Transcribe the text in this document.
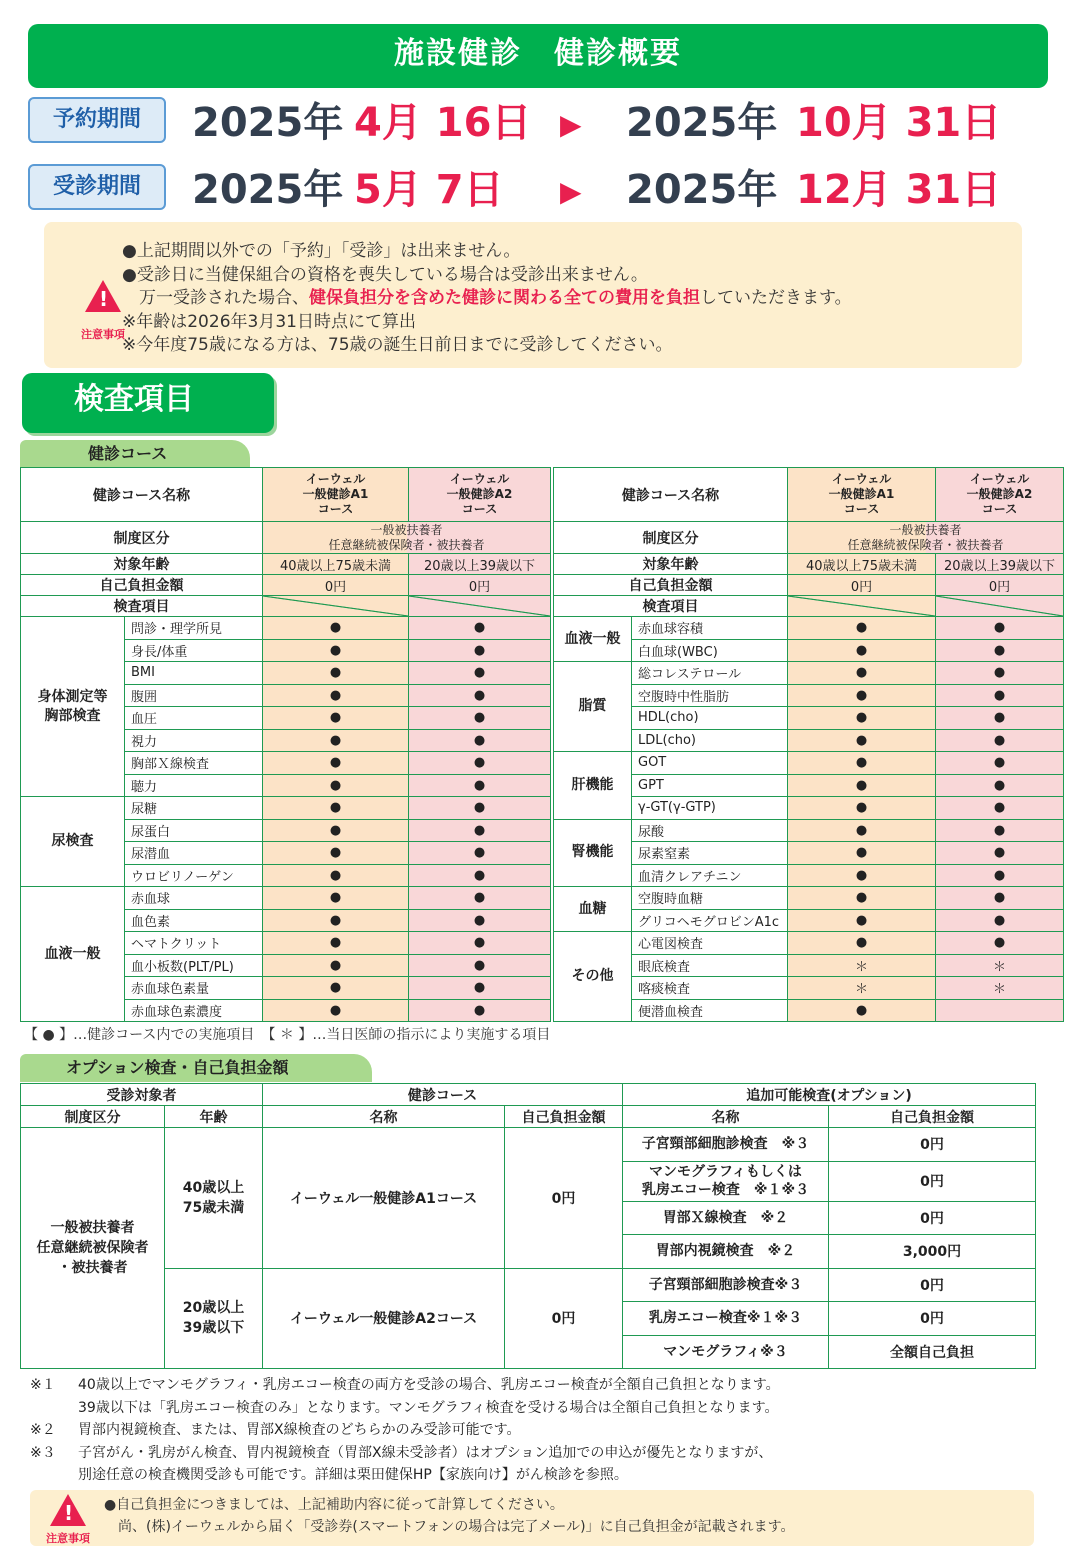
施設健診　健診概要
予約期間	2025年 4月 16日 ▶ 2025年 10月 31日
受診期間	2025年 5月 7日 ▶ 2025年 12月 31日
!
注意事項
●上記期間以外での「予約」「受診」は出来ません。
●受診日に当健保組合の資格を喪失している場合は受診出来ません。
　万一受診された場合、健保負担分を含めた健診に関わる全ての費用を負担していただきます。
※年齢は2026年3月31日時点にて算出
※今年度75歳になる方は、75歳の誕生日前日までに受診してください。
検査項目
健診コース
健診コース名称		イーウェル
一般健診A1
コース	イーウェル
一般健診A2
コース
制度区分		一般被扶養者
任意継続被保険者・被扶養者	
対象年齢		40歳以上75歳未満	20歳以上39歳以下
自己負担金額		0円	0円
検査項目			
身体測定等
胸部検査	問診・理学所見	●	●
	身長/体重	●	●
	BMI	●	●
	腹囲	●	●
	血圧	●	●
	視力	●	●
	胸部Ｘ線検査	●	●
	聴力	●	●
尿検査	尿糖	●	●
	尿蛋白	●	●
	尿潜血	●	●
	ウロビリノーゲン	●	●
血液一般	赤血球	●	●
	血色素	●	●
	ヘマトクリット	●	●
	血小板数(PLT/PL)	●	●
	赤血球色素量	●	●
	赤血球色素濃度	●	●
健診コース名称		イーウェル
一般健診A1
コース	イーウェル
一般健診A2
コース
制度区分		一般被扶養者
任意継続被保険者・被扶養者	
対象年齢		40歳以上75歳未満	20歳以上39歳以下
自己負担金額		0円	0円
検査項目			
血液一般	赤血球容積	●	●
	白血球(WBC)	●	●
脂質	総コレステロール	●	●
	空腹時中性脂肪	●	●
	HDL(cho)	●	●
	LDL(cho)	●	●
肝機能	GOT	●	●
	GPT	●	●
	γ-GT(γ-GTP)	●	●
腎機能	尿酸	●	●
	尿素窒素	●	●
	血清クレアチニン	●	●
血糖	空腹時血糖	●	●
	グリコヘモグロビンA1c	●	●
その他	心電図検査	●	●
	眼底検査	＊	＊
	喀痰検査	＊	＊
	便潜血検査	●	
【 ● 】…健診コース内での実施項目　【 ＊ 】…当日医師の指示により実施する項目
オプション検査・自己負担金額
受診対象者		健診コース		追加可能検査(オプション)	
制度区分	年齢	名称	自己負担金額	名称	自己負担金額
一般被扶養者
任意継続被保険者
・被扶養者	40歳以上
75歳未満	イーウェル一般健診A1コース	0円	子宮頸部細胞診検査　※３	0円
				マンモグラフィもしくは
乳房エコー検査　※１※３	0円
				胃部Ｘ線検査　※２	0円
				胃部内視鏡検査　※２	3,000円
	20歳以上
39歳以下	イーウェル一般健診A2コース	0円	子宮頸部細胞診検査※３	0円
				乳房エコー検査※１※３	0円
				マンモグラフィ※３	全額自己負担
※１ 40歳以上でマンモグラフィ・乳房エコー検査の両方を受診の場合、乳房エコー検査が全額自己負担となります。
39歳以下は「乳房エコー検査のみ」となります。マンモグラフィ検査を受ける場合は全額自己負担となります。
※２ 胃部内視鏡検査、または、胃部X線検査のどちらかのみ受診可能です。
※３ 子宮がん・乳房がん検査、胃内視鏡検査（胃部X線未受診者）はオプション追加での申込が優先となりますが、
別途任意の検査機関受診も可能です。詳細は栗田健保HP【家族向け】がん検診を参照。
!
注意事項
●自己負担金につきましては、上記補助内容に従って計算してください。
　尚、(株)イーウェルから届く「受診券(スマートフォンの場合は完了メール)」に自己負担金が記載されます。
